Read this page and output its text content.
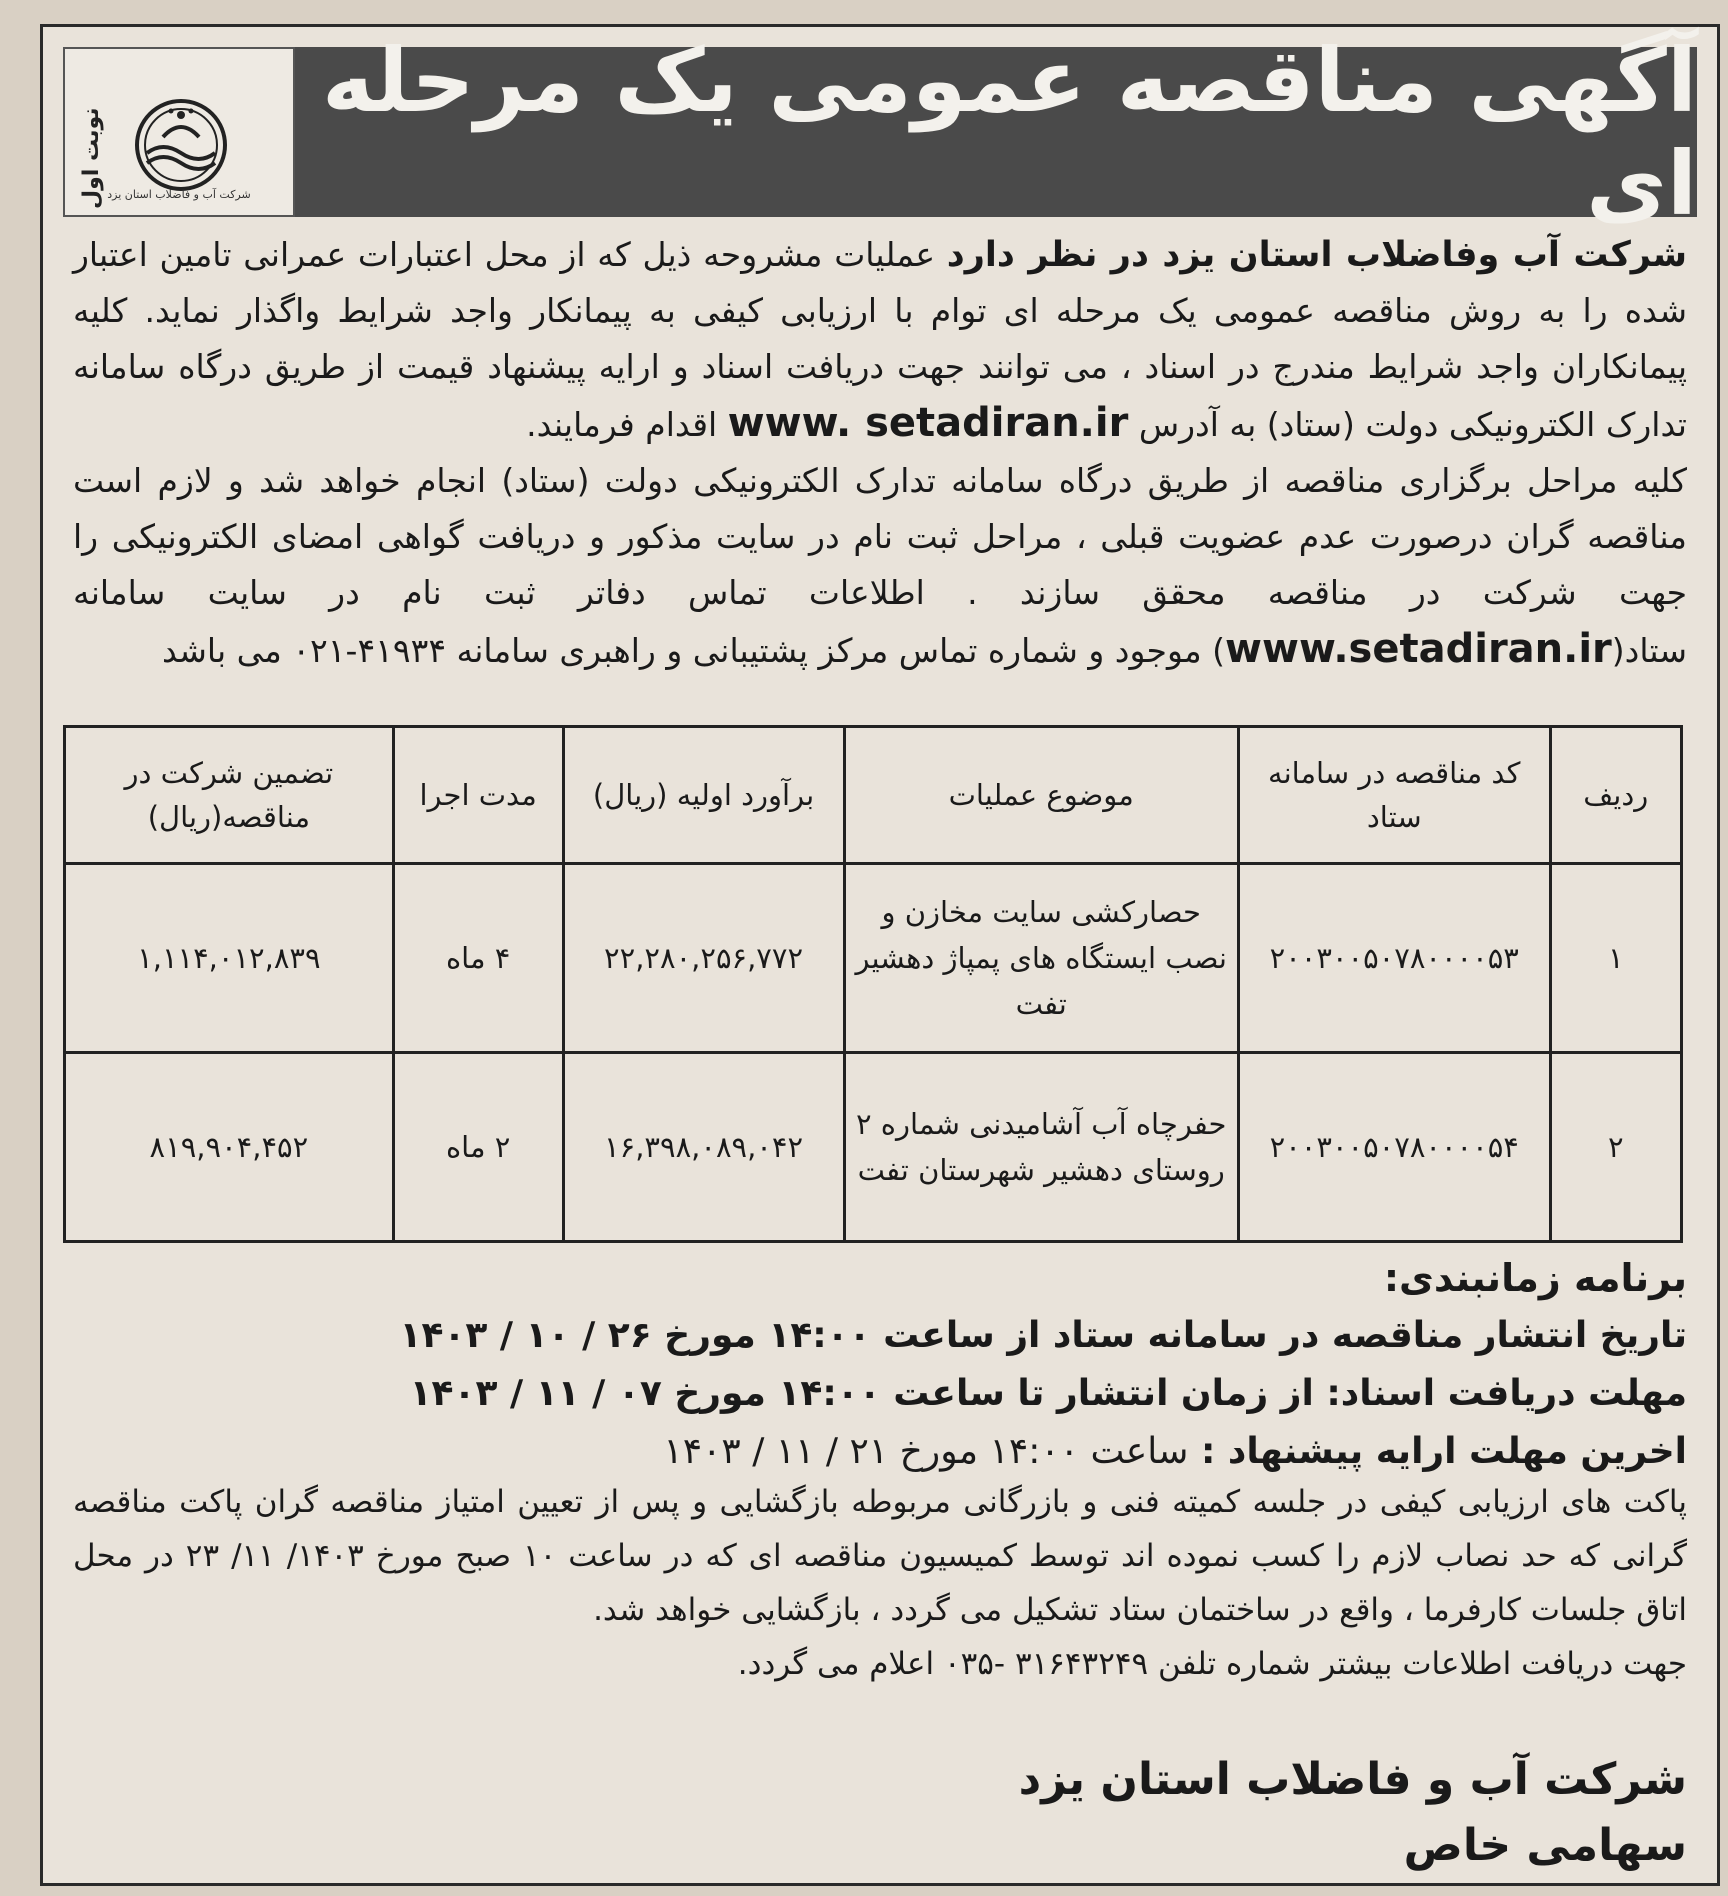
نوبت اول شرکت آب و فاضلاب استان یزد
آگهی مناقصه عمومی یک مرحله ای

شرکت آب وفاضلاب استان یزد در نظر دارد عملیات مشروحه ذیل که از محل اعتبارات عمرانی تامین اعتبار شده را به روش مناقصه عمومی یک مرحله ای توام با ارزیابی کیفی به پیمانکار واجد شرایط واگذار نماید. کلیه پیمانکاران واجد شرایط مندرج در اسناد ، می توانند جهت دریافت اسناد و ارایه پیشنهاد قیمت از طریق درگاه سامانه تدارک الکترونیکی دولت (ستاد) به آدرس www. setadiran.ir اقدام فرمایند.

کلیه مراحل برگزاری مناقصه از طریق درگاه سامانه تدارک الکترونیکی دولت (ستاد) انجام خواهد شد و لازم است مناقصه گران درصورت عدم عضویت قبلی ، مراحل ثبت نام در سایت مذکور و دریافت گواهی امضای الکترونیکی را جهت شرکت در مناقصه محقق سازند . اطلاعات تماس دفاتر ثبت نام در سایت سامانه ستاد(www.setadiran.ir) موجود و شماره تماس مرکز پشتیبانی و راهبری سامانه ۴۱۹۳۴-۰۲۱ می باشد

ردیف	کد مناقصه در سامانه ستاد	موضوع عملیات	برآورد اولیه (ریال)	مدت اجرا	تضمین شرکت در مناقصه(ریال)
۱	۲۰۰۳۰۰۵۰۷۸۰۰۰۰۵۳	حصارکشی سایت مخازن و نصب ایستگاه های پمپاژ دهشیر تفت	۲۲,۲۸۰,۲۵۶,۷۷۲	۴ ماه	۱,۱۱۴,۰۱۲,۸۳۹
۲	۲۰۰۳۰۰۵۰۷۸۰۰۰۰۵۴	حفرچاه آب آشامیدنی شماره ۲ روستای دهشیر شهرستان تفت	۱۶,۳۹۸,۰۸۹,۰۴۲	۲ ماه	۸۱۹,۹۰۴,۴۵۲
برنامه زمانبندی:
تاریخ انتشار مناقصه در سامانه ستاد از ساعت ۱۴:۰۰ مورخ ۲۶ / ۱۰ / ۱۴۰۳
مهلت دریافت اسناد: از زمان انتشار تا ساعت ۱۴:۰۰ مورخ ۰۷ / ۱۱ / ۱۴۰۳
اخرین مهلت ارایه پیشنهاد : ساعت ۱۴:۰۰ مورخ ۲۱ / ۱۱ / ۱۴۰۳

پاکت های ارزیابی کیفی در جلسه کمیته فنی و بازرگانی مربوطه بازگشایی و پس از تعیین امتیاز مناقصه گران پاکت مناقصه گرانی که حد نصاب لازم را کسب نموده اند توسط کمیسیون مناقصه ای که در ساعت ۱۰ صبح مورخ ۱۴۰۳/ ۱۱/ ۲۳ در محل اتاق جلسات کارفرما ، واقع در ساختمان ستاد تشکیل می گردد ، بازگشایی خواهد شد.

جهت دریافت اطلاعات بیشتر شماره تلفن ۳۱۶۴۳۲۴۹ -۰۳۵ اعلام می گردد.

شرکت آب و فاضلاب استان یزد
سهامی خاص
